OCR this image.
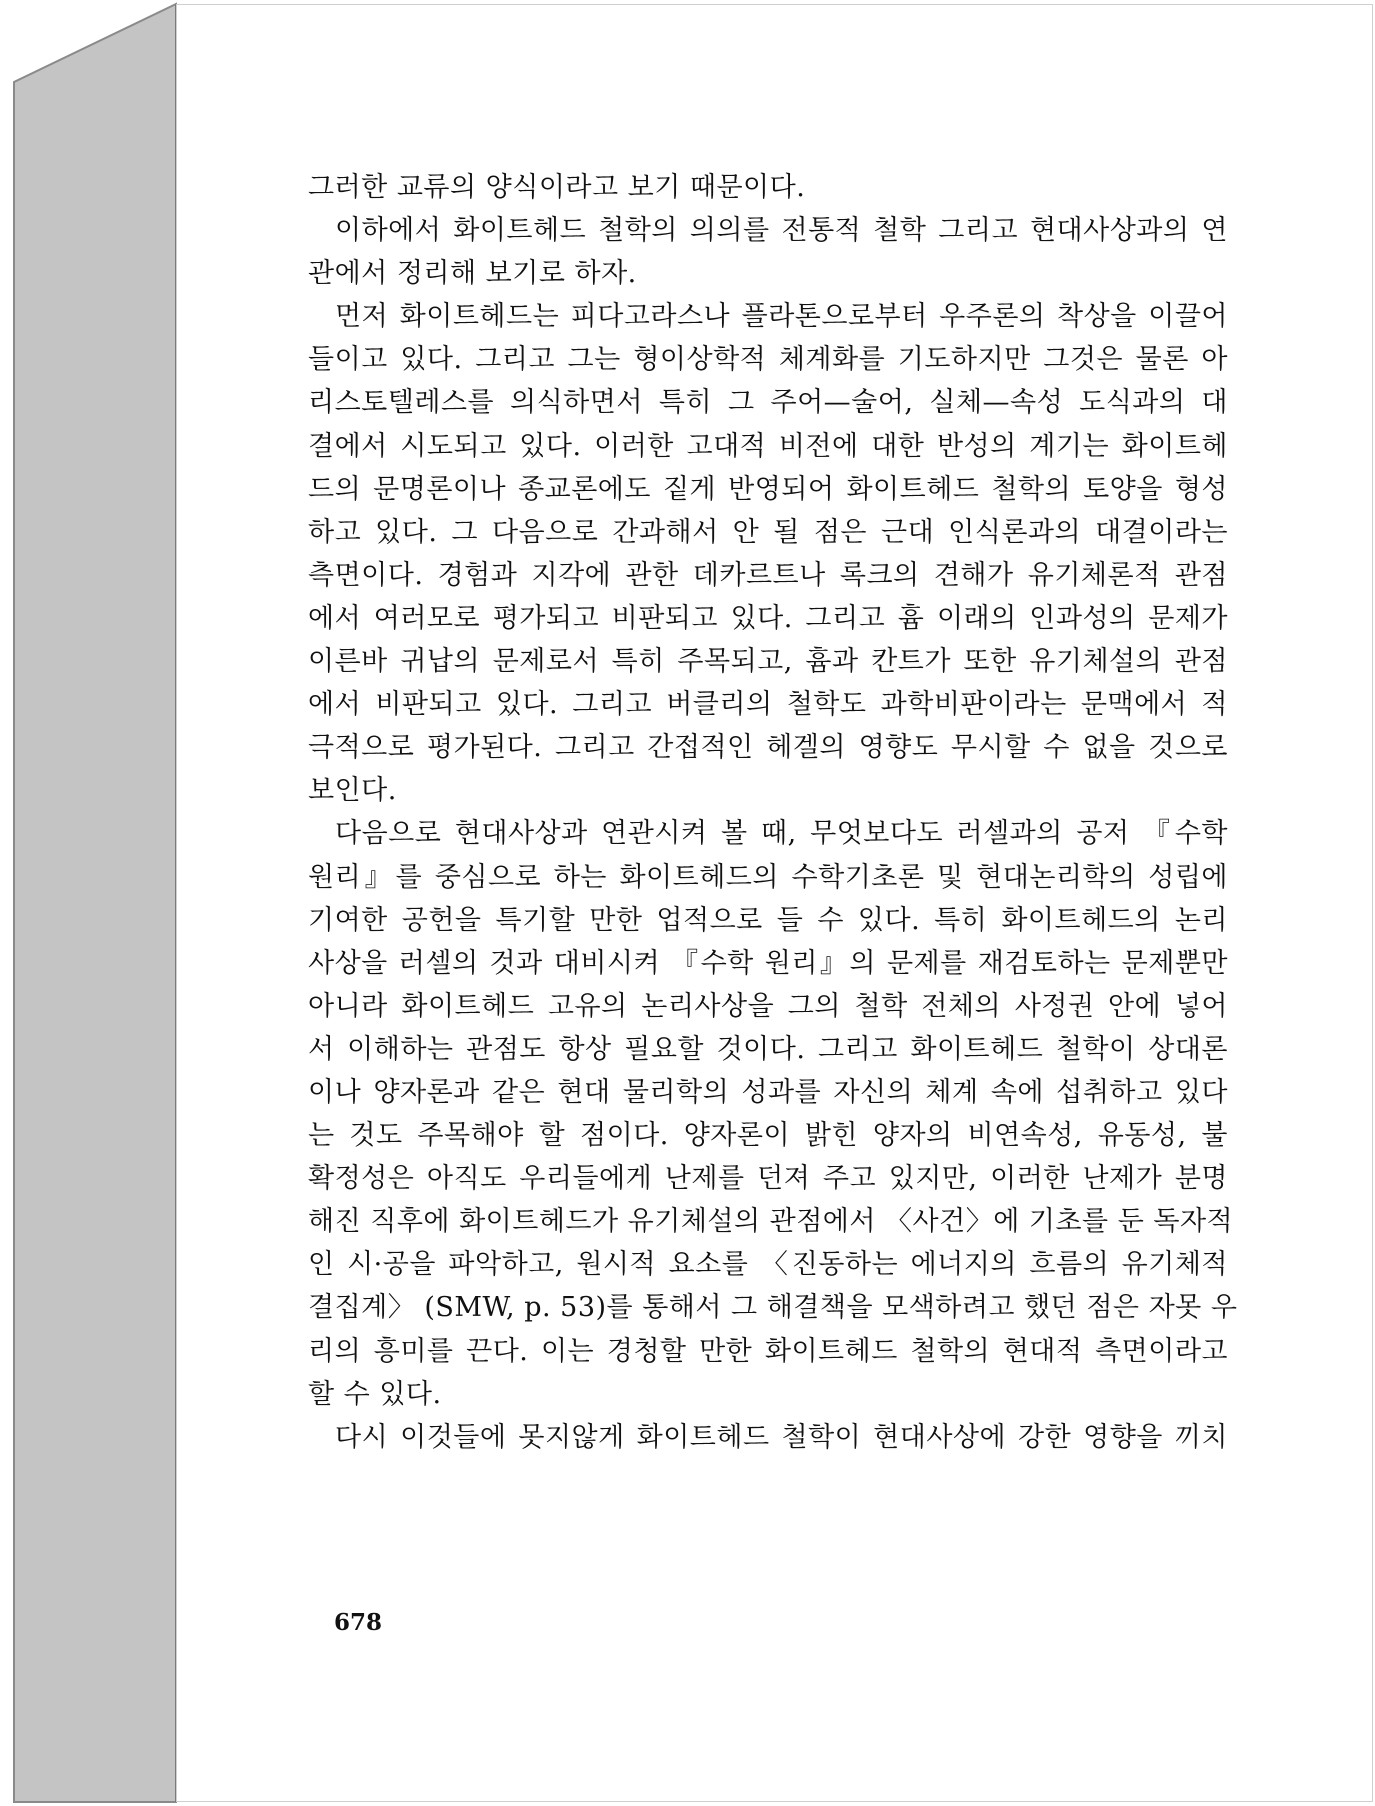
그러한 교류의 양식이라고 보기 때문이다.
이하에서 화이트헤드 철학의 의의를 전통적 철학 그리고 현대사상과의 연
관에서 정리해 보기로 하자.
먼저 화이트헤드는 피다고라스나 플라톤으로부터 우주론의 착상을 이끌어
들이고 있다. 그리고 그는 형이상학적 체계화를 기도하지만 그것은 물론 아
리스토텔레스를 의식하면서 특히 그 주어—술어, 실체—속성 도식과의 대
결에서 시도되고 있다. 이러한 고대적 비전에 대한 반성의 계기는 화이트헤
드의 문명론이나 종교론에도 짙게 반영되어 화이트헤드 철학의 토양을 형성
하고 있다. 그 다음으로 간과해서 안 될 점은 근대 인식론과의 대결이라는
측면이다. 경험과 지각에 관한 데카르트나 록크의 견해가 유기체론적 관점
에서 여러모로 평가되고 비판되고 있다. 그리고 흄 이래의 인과성의 문제가
이른바 귀납의 문제로서 특히 주목되고, 흄과 칸트가 또한 유기체설의 관점
에서 비판되고 있다. 그리고 버클리의 철학도 과학비판이라는 문맥에서 적
극적으로 평가된다. 그리고 간접적인 헤겔의 영향도 무시할 수 없을 것으로
보인다.
다음으로 현대사상과 연관시켜 볼 때, 무엇보다도 러셀과의 공저 『수학
원리』를 중심으로 하는 화이트헤드의 수학기초론 및 현대논리학의 성립에
기여한 공헌을 특기할 만한 업적으로 들 수 있다. 특히 화이트헤드의 논리
사상을 러셀의 것과 대비시켜 『수학 원리』의 문제를 재검토하는 문제뿐만
아니라 화이트헤드 고유의 논리사상을 그의 철학 전체의 사정권 안에 넣어
서 이해하는 관점도 항상 필요할 것이다. 그리고 화이트헤드 철학이 상대론
이나 양자론과 같은 현대 물리학의 성과를 자신의 체계 속에 섭취하고 있다
는 것도 주목해야 할 점이다. 양자론이 밝힌 양자의 비연속성, 유동성, 불
확정성은 아직도 우리들에게 난제를 던져 주고 있지만, 이러한 난제가 분명
해진 직후에 화이트헤드가 유기체설의 관점에서 〈사건〉에 기초를 둔 독자적
인 시·공을 파악하고, 원시적 요소를 〈진동하는 에너지의 흐름의 유기체적
결집계〉 (SMW, p. 53)를 통해서 그 해결책을 모색하려고 했던 점은 자못 우
리의 흥미를 끈다. 이는 경청할 만한 화이트헤드 철학의 현대적 측면이라고
할 수 있다.
다시 이것들에 못지않게 화이트헤드 철학이 현대사상에 강한 영향을 끼치
678
